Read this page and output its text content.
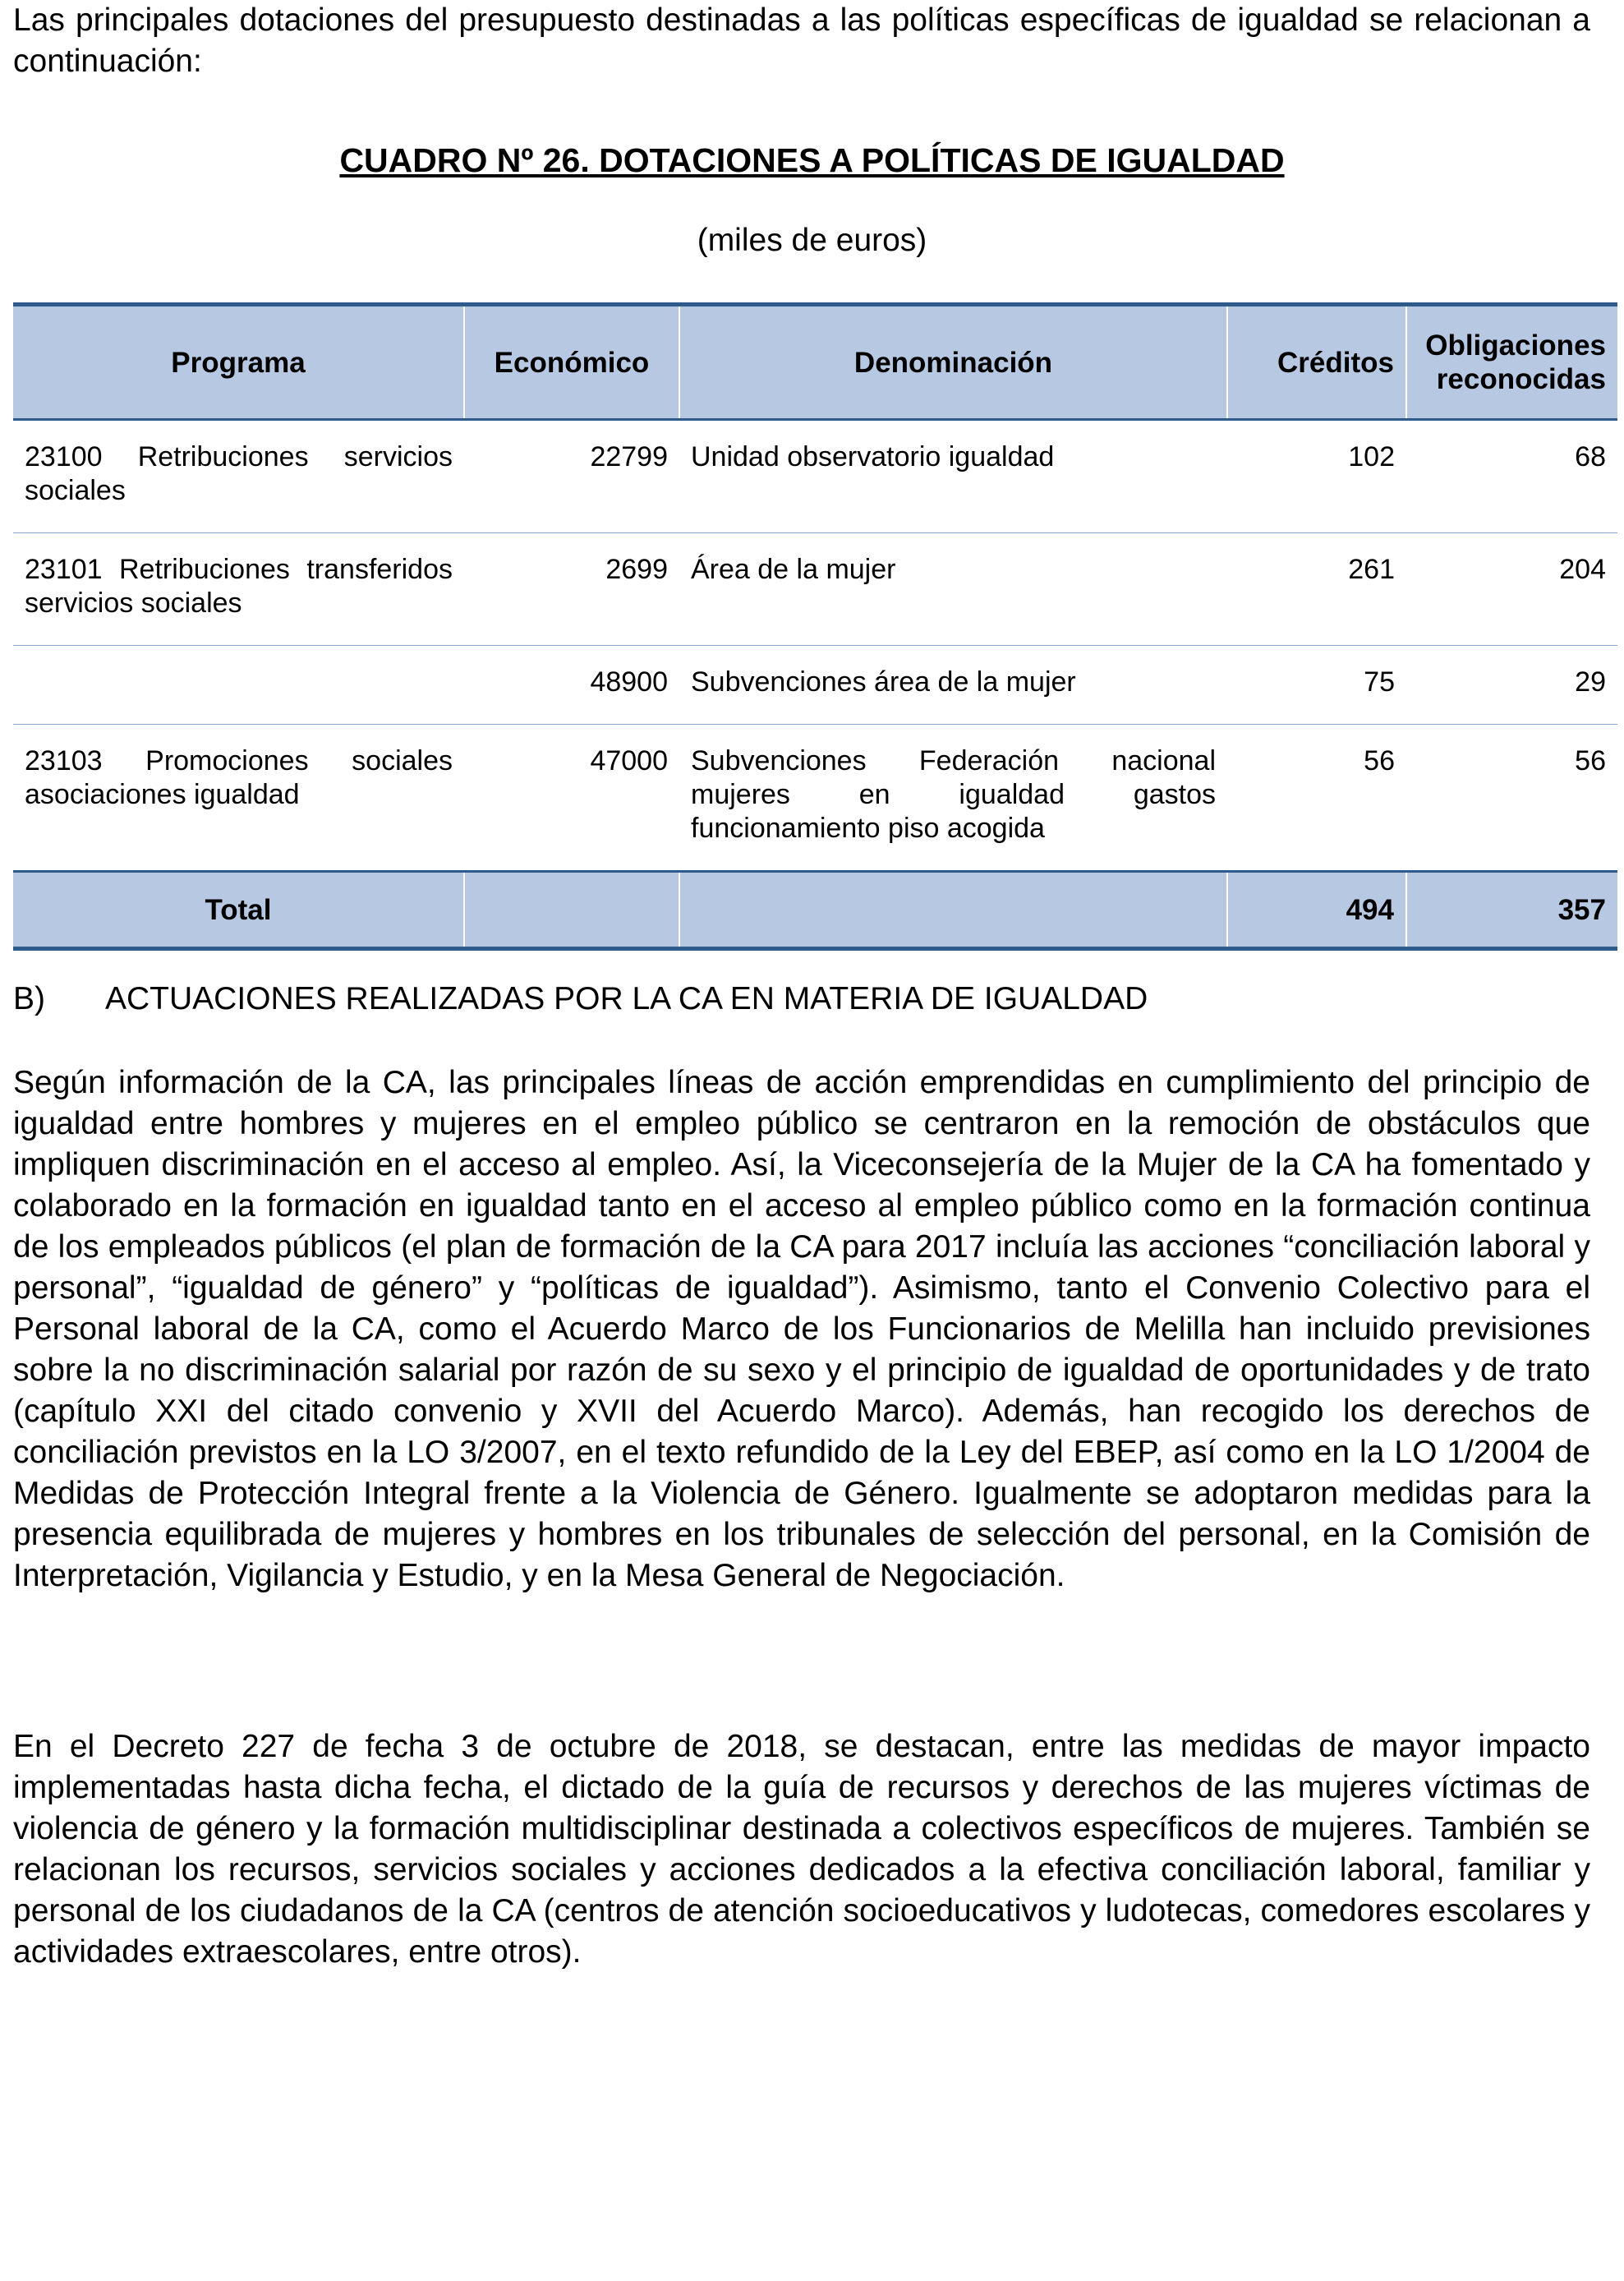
Las principales dotaciones del presupuesto destinadas a las políticas específicas de igualdad se relacionan a continuación:

CUADRO Nº 26. DOTACIONES A POLÍTICAS DE IGUALDAD
(miles de euros)
Programa	Económico	Denominación	Créditos	Obligaciones reconocidas
23100 Retribuciones servicios sociales	22799	Unidad observatorio igualdad	102	68
23101 Retribuciones transferidos servicios sociales	2699	Área de la mujer	261	204
	48900	Subvenciones área de la mujer	75	29
23103 Promociones sociales asociaciones igualdad	47000	Subvenciones Federación nacional mujeres en igualdad gastos funcionamiento piso acogida	56	56
Total			494	357
B)	ACTUACIONES REALIZADAS POR LA CA EN MATERIA DE IGUALDAD

Según información de la CA, las principales líneas de acción emprendidas en cumplimiento del principio de igualdad entre hombres y mujeres en el empleo público se centraron en la remoción de obstáculos que impliquen discriminación en el acceso al empleo. Así, la Viceconsejería de la Mujer de la CA ha fomentado y colaborado en la formación en igualdad tanto en el acceso al empleo público como en la formación continua de los empleados públicos (el plan de formación de la CA para 2017 incluía las acciones “conciliación laboral y personal”, “igualdad de género” y “políticas de igualdad”). Asimismo, tanto el Convenio Colectivo para el Personal laboral de la CA, como el Acuerdo Marco de los Funcionarios de Melilla han incluido previsiones sobre la no discriminación salarial por razón de su sexo y el principio de igualdad de oportunidades y de trato (capítulo XXI del citado convenio y XVII del Acuerdo Marco). Además, han recogido los derechos de conciliación previstos en la LO 3/2007, en el texto refundido de la Ley del EBEP, así como en la LO 1/2004 de Medidas de Protección Integral frente a la Violencia de Género. Igualmente se adoptaron medidas para la presencia equilibrada de mujeres y hombres en los tribunales de selección del personal, en la Comisión de Interpretación, Vigilancia y Estudio, y en la Mesa General de Negociación.

En el Decreto 227 de fecha 3 de octubre de 2018, se destacan, entre las medidas de mayor impacto implementadas hasta dicha fecha, el dictado de la guía de recursos y derechos de las mujeres víctimas de violencia de género y la formación multidisciplinar destinada a colectivos específicos de mujeres. También se relacionan los recursos, servicios sociales y acciones dedicados a la efectiva conciliación laboral, familiar y personal de los ciudadanos de la CA (centros de atención socioeducativos y ludotecas, comedores escolares y actividades extraescolares, entre otros).
